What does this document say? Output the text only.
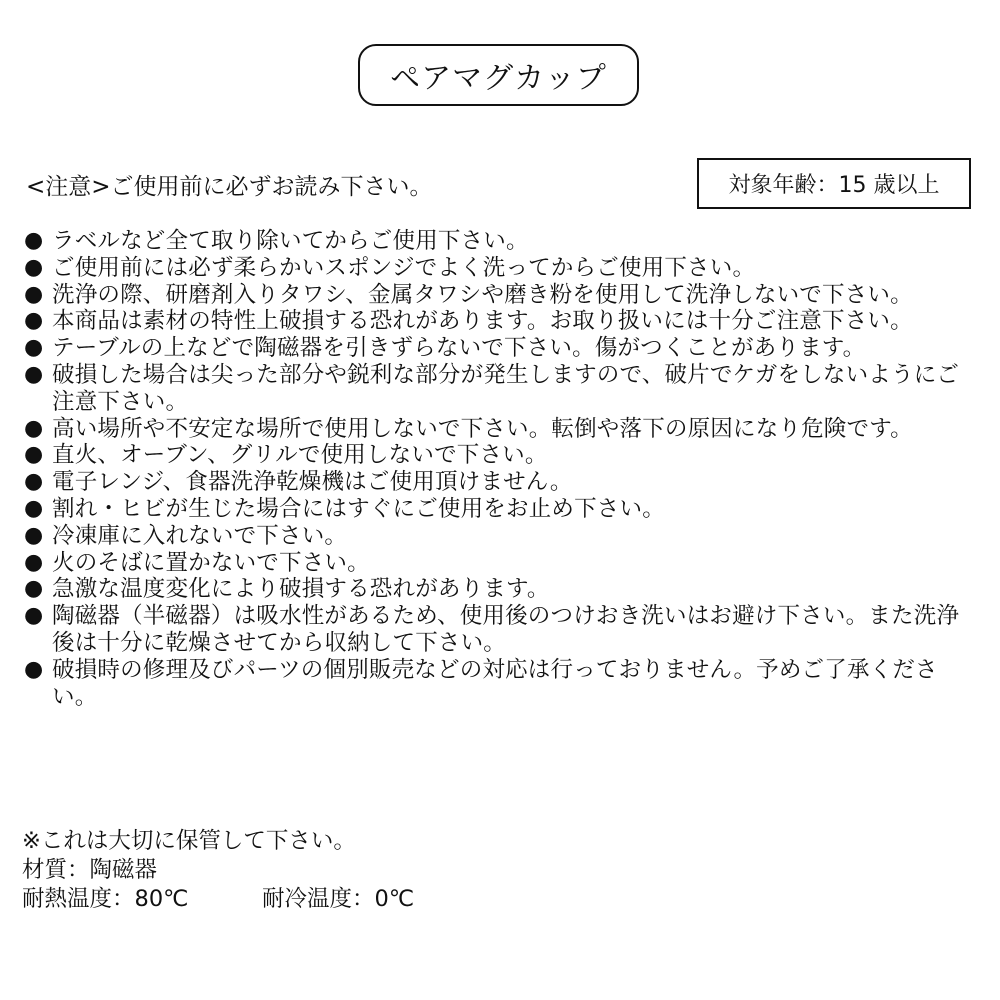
ペアマグカップ
<注意>ご使用前に必ずお読み下さい。	対象年齢：15 歳以上
● ラベルなど全て取り除いてからご使用下さい。
● ご使用前には必ず柔らかいスポンジでよく洗ってからご使用下さい。
● 洗浄の際、研磨剤入りタワシ、金属タワシや磨き粉を使用して洗浄しないで下さい。
● 本商品は素材の特性上破損する恐れがあります。お取り扱いには十分ご注意下さい。
● テーブルの上などで陶磁器を引きずらないで下さい。傷がつくことがあります。
● 破損した場合は尖った部分や鋭利な部分が発生しますので、破片でケガをしないようにご注意下さい。
● 高い場所や不安定な場所で使用しないで下さい。転倒や落下の原因になり危険です。
● 直火、オーブン、グリルで使用しないで下さい。
● 電子レンジ、食器洗浄乾燥機はご使用頂けません。
● 割れ・ヒビが生じた場合にはすぐにご使用をお止め下さい。
● 冷凍庫に入れないで下さい。
● 火のそばに置かないで下さい。
● 急激な温度変化により破損する恐れがあります。
● 陶磁器（半磁器）は吸水性があるため、使用後のつけおき洗いはお避け下さい。また洗浄後は十分に乾燥させてから収納して下さい。
● 破損時の修理及びパーツの個別販売などの対応は行っておりません。予めご了承ください。
※これは大切に保管して下さい。
材質：陶磁器
耐熱温度：80℃	耐冷温度：0℃
